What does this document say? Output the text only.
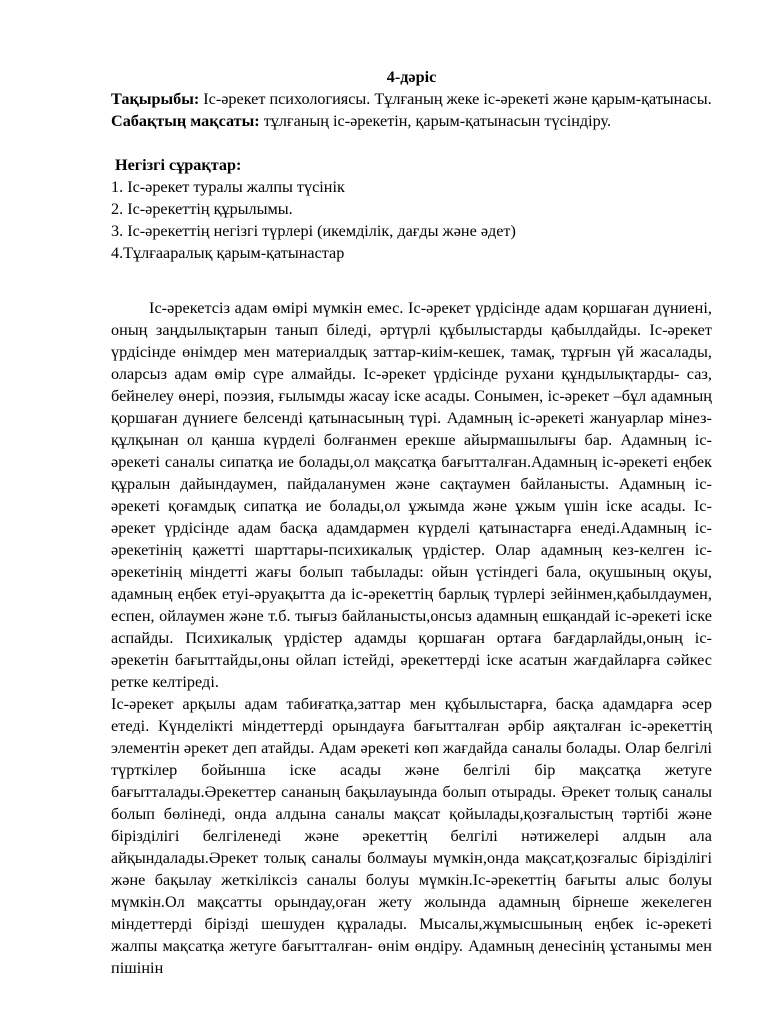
4-дәріс

Тақырыбы: Іс-әрекет психологиясы. Тұлғаның жеке іс-әрекеті және қарым-қатынасы.

Сабақтың мақсаты: тұлғаның іс-әрекетін, қарым-қатынасын түсіндіру.

Негізгі сұрақтар:

1. Іс-әрекет туралы жалпы түсінік
2. Іс-әрекеттің құрылымы.
3. Іс-әрекеттің негізгі түрлері (икемділік, дағды және әдет)
4.Тұлғааралық қарым-қатынастар

Іс-әрекетсіз адам өмірі мүмкін емес. Іс-әрекет үрдісінде адам қоршаған дүниені, оның заңдылықтарын танып біледі, әртүрлі құбылыстарды қабылдайды. Іс-әрекет үрдісінде өнімдер мен материалдық заттар-киім-кешек, тамақ, тұрғын үй жасалады, оларсыз адам өмір сүре алмайды. Іс-әрекет үрдісінде рухани құндылықтарды- саз, бейнелеу өнері, поэзия, ғылымды жасау іске асады. Сонымен, іс-әрекет –бұл адамның қоршаған дүниеге белсенді қатынасының түрі. Адамның іс-әрекеті жануарлар мінез-құлқынан ол қанша күрделі болғанмен ерекше айырмашылығы бар. Адамның іс-әрекеті саналы сипатқа ие болады,ол мақсатқа бағытталған.Адамның іс-әрекеті еңбек құралын дайындаумен, пайдаланумен және сақтаумен байланысты. Адамның іс-әрекеті қоғамдық сипатқа ие болады,ол ұжымда және ұжым үшін іске асады. Іс-әрекет үрдісінде адам басқа адамдармен күрделі қатынастарға енеді.Адамның іс-әрекетінің қажетті шарттары-психикалық үрдістер. Олар адамның кез-келген іс-әрекетінің міндетті жағы болып табылады: ойын үстіндегі бала, оқушының оқуы, адамның еңбек етуі-әруақытта да іс-әрекеттің барлық түрлері зейінмен,қабылдаумен, еспен, ойлаумен және т.б. тығыз байланысты,онсыз адамның ешқандай іс-әрекеті іске аспайды. Психикалық үрдістер адамды қоршаған ортаға бағдарлайды,оның іс-әрекетін бағыттайды,оны ойлап істейді, әрекеттерді іске асатын жағдайларға сәйкес ретке келтіреді.

Іс-әрекет арқылы адам табиғатқа,заттар мен құбылыстарға, басқа адамдарға әсер етеді. Күнделікті міндеттерді орындауға бағытталған әрбір аяқталған іс-әрекеттің элементін әрекет деп атайды. Адам әрекеті көп жағдайда саналы болады. Олар белгілі түрткілер бойынша іске асады және белгілі бір мақсатқа жетуге бағытталады.Әрекеттер сананың бақылауында болып отырады. Әрекет толық саналы болып бөлінеді, онда алдына саналы мақсат қойылады,қозғалыстың тәртібі және бірізділігі белгіленеді және әрекеттің белгілі нәтижелері алдын ала айқындалады.Әрекет толық саналы болмауы мүмкін,онда мақсат,қозғалыс бірізділігі және бақылау жеткіліксіз саналы болуы мүмкін.Іс-әрекеттің бағыты алыс болуы мүмкін.Ол мақсатты орындау,оған жету жолында адамның бірнеше жекелеген міндеттерді бірізді шешуден құралады. Мысалы,жұмысшының еңбек іс-әрекеті жалпы мақсатқа жетуге бағытталған- өнім өндіру. Адамның денесінің ұстанымы мен пішінін
